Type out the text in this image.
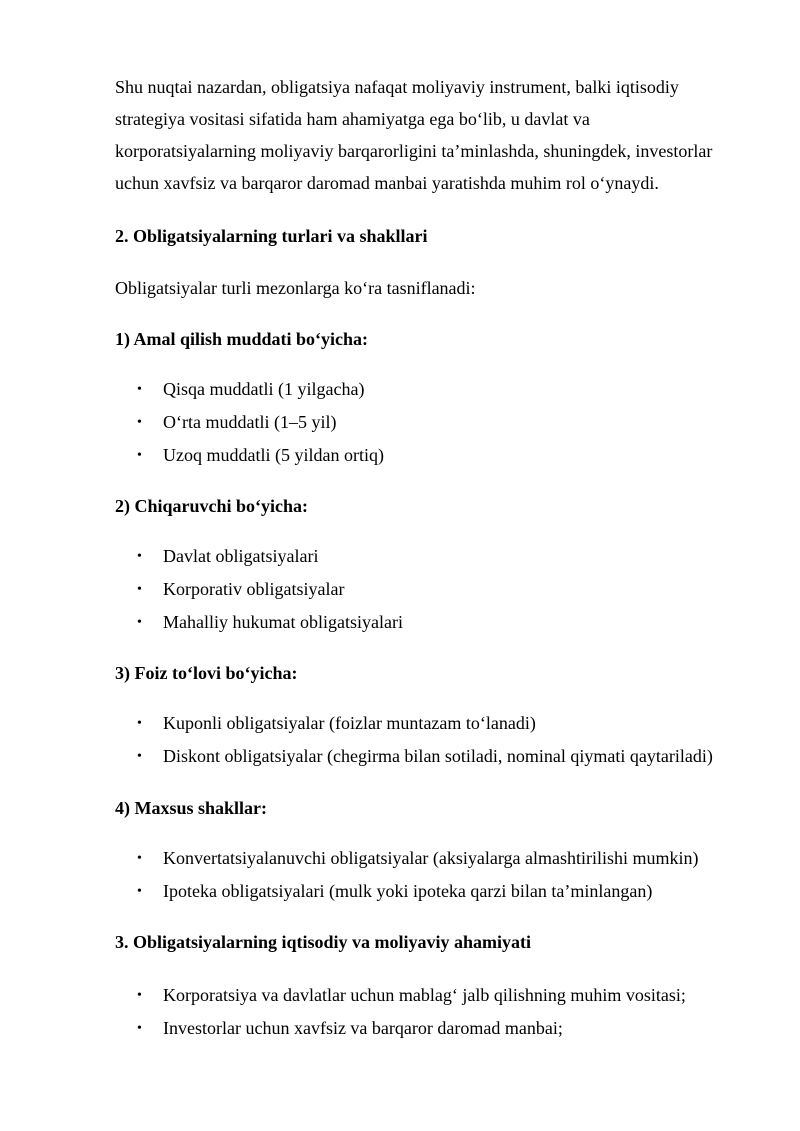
Shu nuqtai nazardan, obligatsiya nafaqat moliyaviy instrument, balki iqtisodiy
strategiya vositasi sifatida ham ahamiyatga ega bo‘lib, u davlat va
korporatsiyalarning moliyaviy barqarorligini ta’minlashda, shuningdek, investorlar
uchun xavfsiz va barqaror daromad manbai yaratishda muhim rol o‘ynaydi.
2. Obligatsiyalarning turlari va shakllari
Obligatsiyalar turli mezonlarga ko‘ra tasniflanadi:
1) Amal qilish muddati bo‘yicha:
• Qisqa muddatli (1 yilgacha)
• O‘rta muddatli (1–5 yil)
• Uzoq muddatli (5 yildan ortiq)
2) Chiqaruvchi bo‘yicha:
• Davlat obligatsiyalari
• Korporativ obligatsiyalar
• Mahalliy hukumat obligatsiyalari
3) Foiz to‘lovi bo‘yicha:
• Kuponli obligatsiyalar (foizlar muntazam to‘lanadi)
• Diskont obligatsiyalar (chegirma bilan sotiladi, nominal qiymati qaytariladi)
4) Maxsus shakllar:
• Konvertatsiyalanuvchi obligatsiyalar (aksiyalarga almashtirilishi mumkin)
• Ipoteka obligatsiyalari (mulk yoki ipoteka qarzi bilan ta’minlangan)
3. Obligatsiyalarning iqtisodiy va moliyaviy ahamiyati
• Korporatsiya va davlatlar uchun mablag‘ jalb qilishning muhim vositasi;
• Investorlar uchun xavfsiz va barqaror daromad manbai;
